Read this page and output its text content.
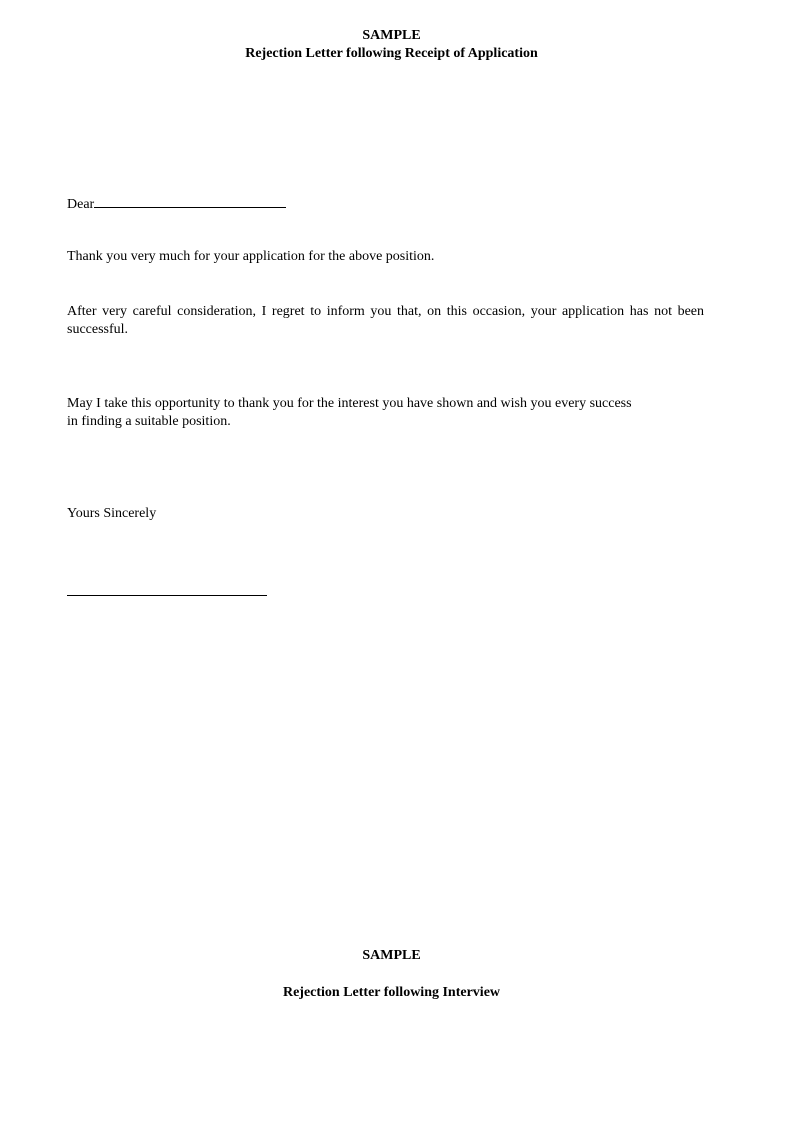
SAMPLE

Rejection Letter following Receipt of Application

Dear

Thank you very much for your application for the above position.

After very careful consideration, I regret to inform you that, on this occasion, your application has not been successful.

May I take this opportunity to thank you for the interest you have shown and wish you every success
in finding a suitable position.

Yours Sincerely

SAMPLE

Rejection Letter following Interview
